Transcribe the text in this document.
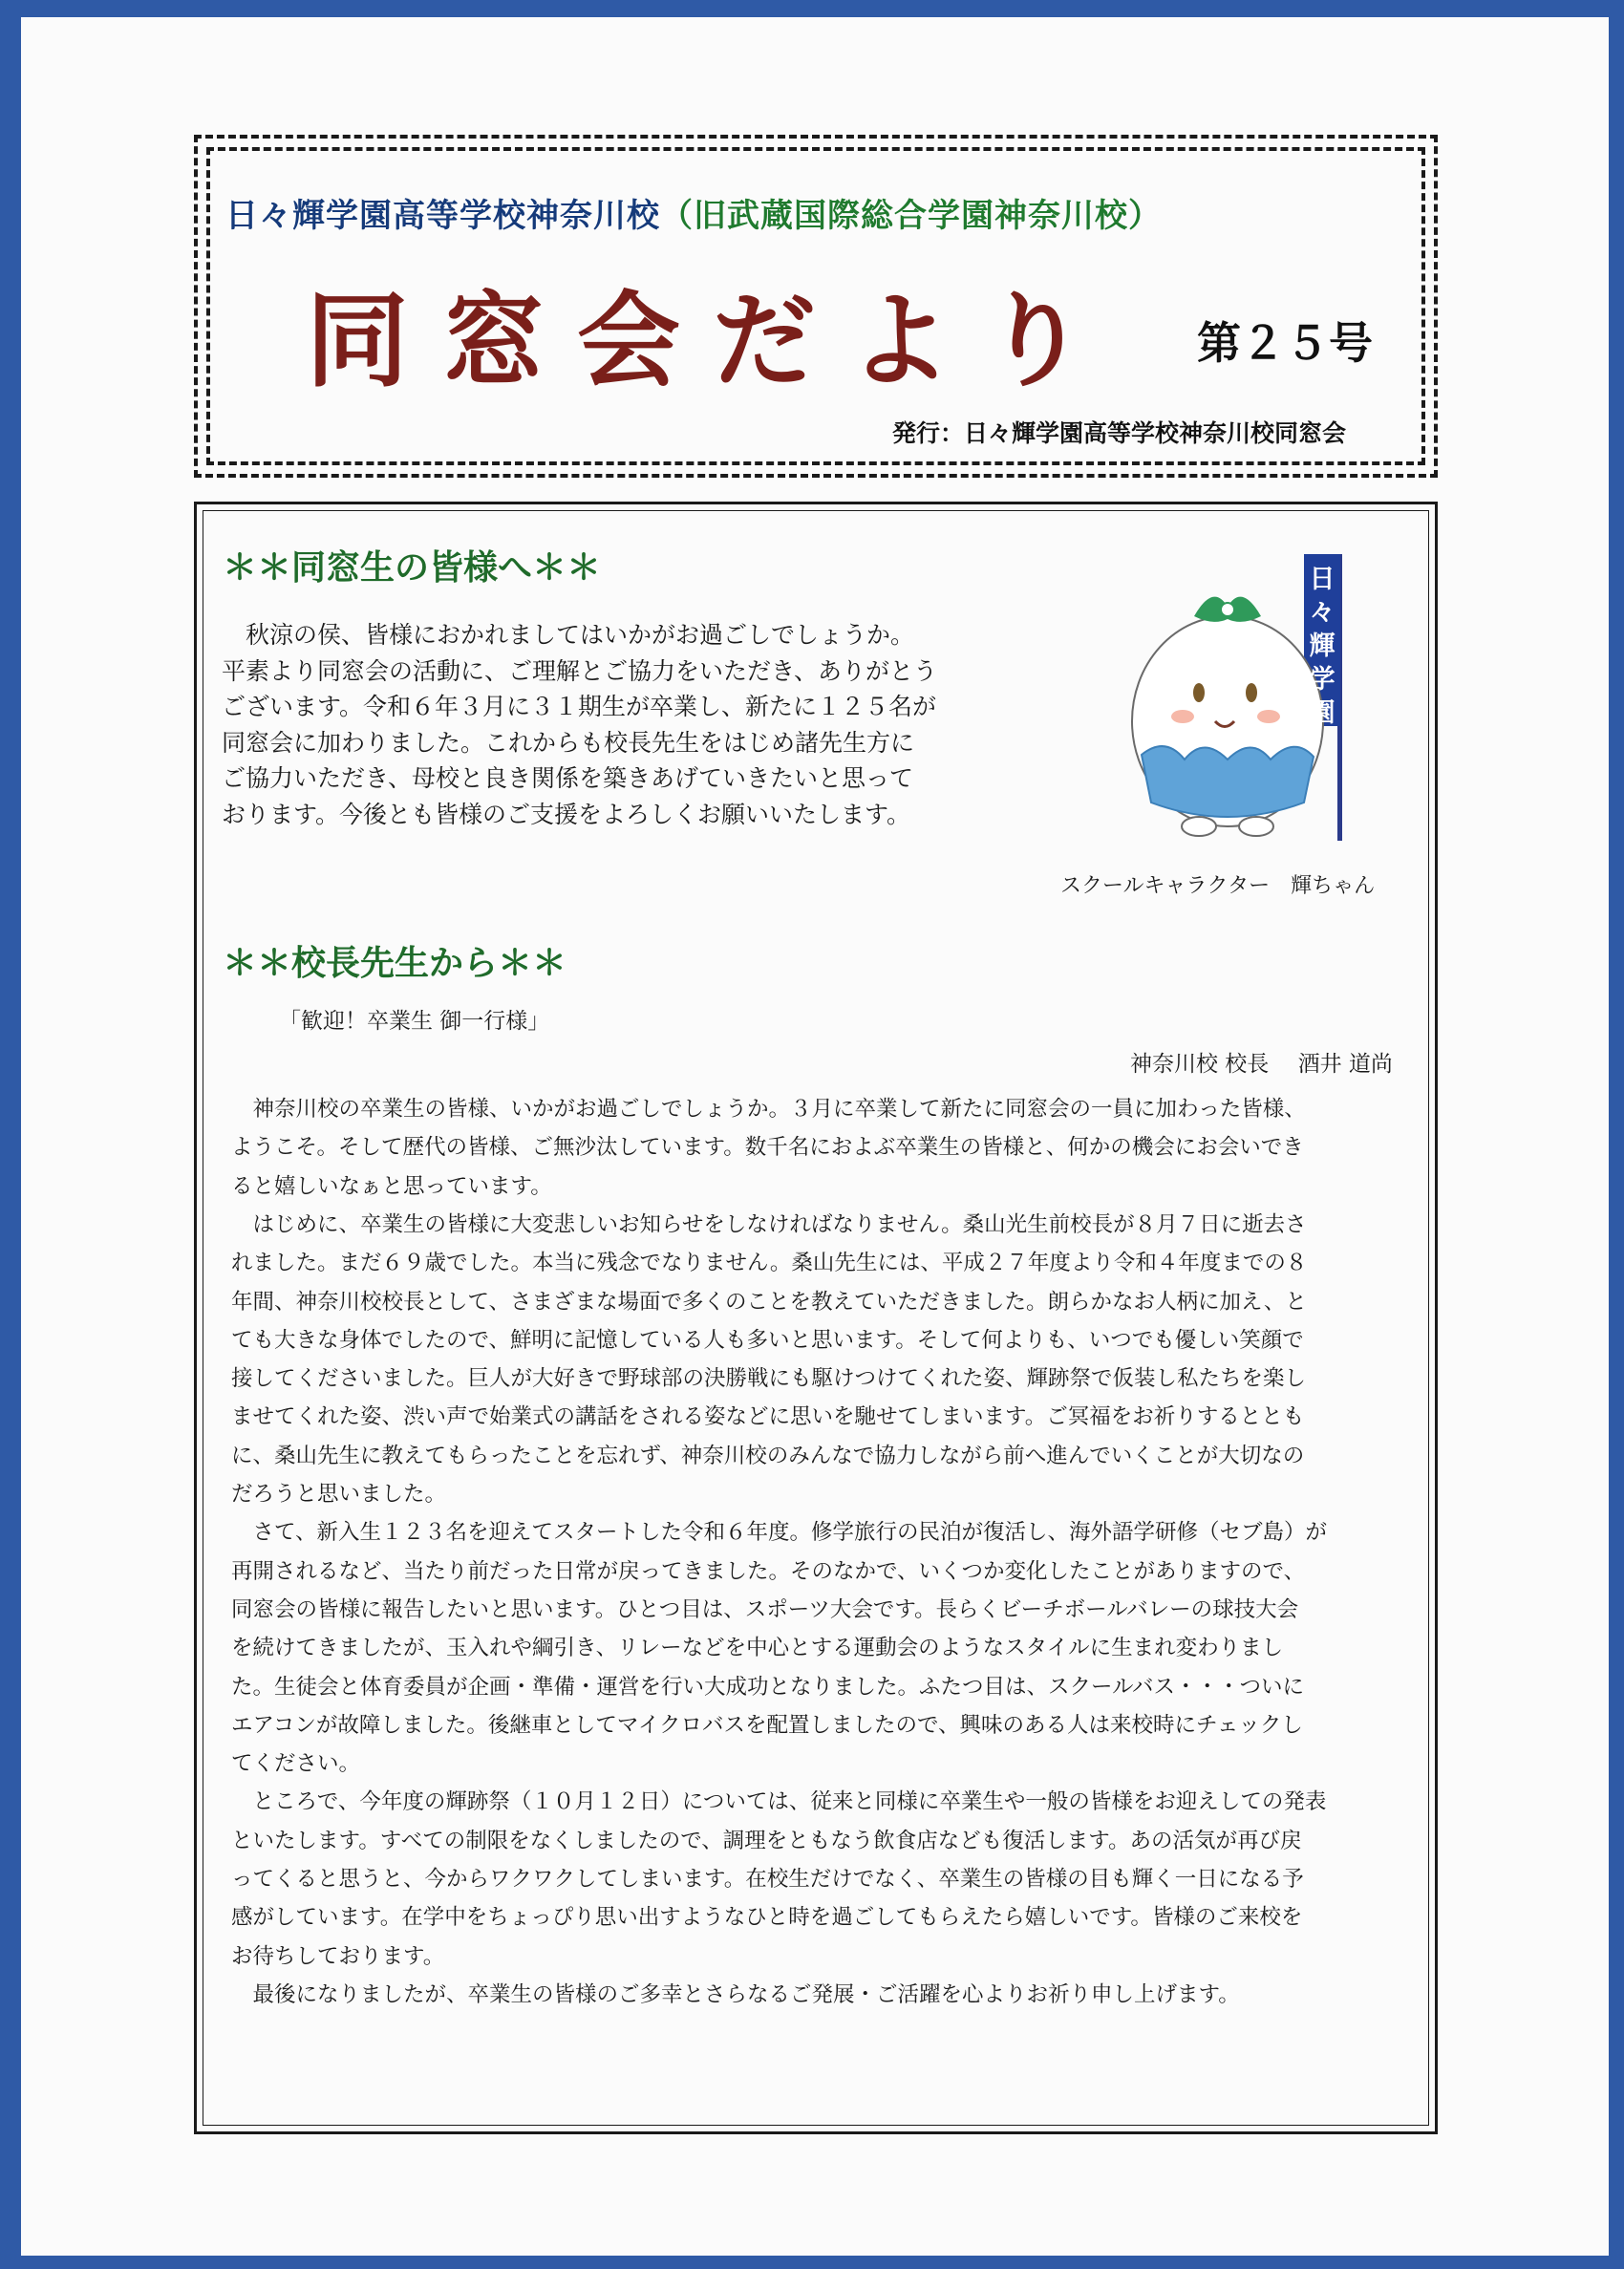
日々輝学園高等学校神奈川校（旧武蔵国際総合学園神奈川校）
同窓会だより 第２５号
発行：日々輝学園高等学校神奈川校同窓会
＊＊同窓生の皆様へ＊＊
　秋涼の侯、皆様におかれましてはいかがお過ごしでしょうか。
平素より同窓会の活動に、ご理解とご協力をいただき、ありがとう
ございます。令和６年３月に３１期生が卒業し、新たに１２５名が
同窓会に加わりました。これからも校長先生をはじめ諸先生方に
ご協力いただき、母校と良き関係を築きあげていきたいと思って
おります。今後とも皆様のご支援をよろしくお願いいたします。
日
々
輝
学
園
スクールキャラクター　輝ちゃん
＊＊校長先生から＊＊
「歓迎！卒業生 御一行様」
神奈川校 校長　 酒井 道尚
　神奈川校の卒業生の皆様、いかがお過ごしでしょうか。３月に卒業して新たに同窓会の一員に加わった皆様、
ようこそ。そして歴代の皆様、ご無沙汰しています。数千名におよぶ卒業生の皆様と、何かの機会にお会いでき
ると嬉しいなぁと思っています。
　はじめに、卒業生の皆様に大変悲しいお知らせをしなければなりません。桑山光生前校長が８月７日に逝去さ
れました。まだ６９歳でした。本当に残念でなりません。桑山先生には、平成２７年度より令和４年度までの８
年間、神奈川校校長として、さまざまな場面で多くのことを教えていただきました。朗らかなお人柄に加え、と
ても大きな身体でしたので、鮮明に記憶している人も多いと思います。そして何よりも、いつでも優しい笑顔で
接してくださいました。巨人が大好きで野球部の決勝戦にも駆けつけてくれた姿、輝跡祭で仮装し私たちを楽し
ませてくれた姿、渋い声で始業式の講話をされる姿などに思いを馳せてしまいます。ご冥福をお祈りするととも
に、桑山先生に教えてもらったことを忘れず、神奈川校のみんなで協力しながら前へ進んでいくことが大切なの
だろうと思いました。
　さて、新入生１２３名を迎えてスタートした令和６年度。修学旅行の民泊が復活し、海外語学研修（セブ島）が
再開されるなど、当たり前だった日常が戻ってきました。そのなかで、いくつか変化したことがありますので、
同窓会の皆様に報告したいと思います。ひとつ目は、スポーツ大会です。長らくビーチボールバレーの球技大会
を続けてきましたが、玉入れや綱引き、リレーなどを中心とする運動会のようなスタイルに生まれ変わりまし
た。生徒会と体育委員が企画・準備・運営を行い大成功となりました。ふたつ目は、スクールバス・・・ついに
エアコンが故障しました。後継車としてマイクロバスを配置しましたので、興味のある人は来校時にチェックし
てください。
　ところで、今年度の輝跡祭（１０月１２日）については、従来と同様に卒業生や一般の皆様をお迎えしての発表
といたします。すべての制限をなくしましたので、調理をともなう飲食店なども復活します。あの活気が再び戻
ってくると思うと、今からワクワクしてしまいます。在校生だけでなく、卒業生の皆様の目も輝く一日になる予
感がしています。在学中をちょっぴり思い出すようなひと時を過ごしてもらえたら嬉しいです。皆様のご来校を
お待ちしております。
　最後になりましたが、卒業生の皆様のご多幸とさらなるご発展・ご活躍を心よりお祈り申し上げます。
